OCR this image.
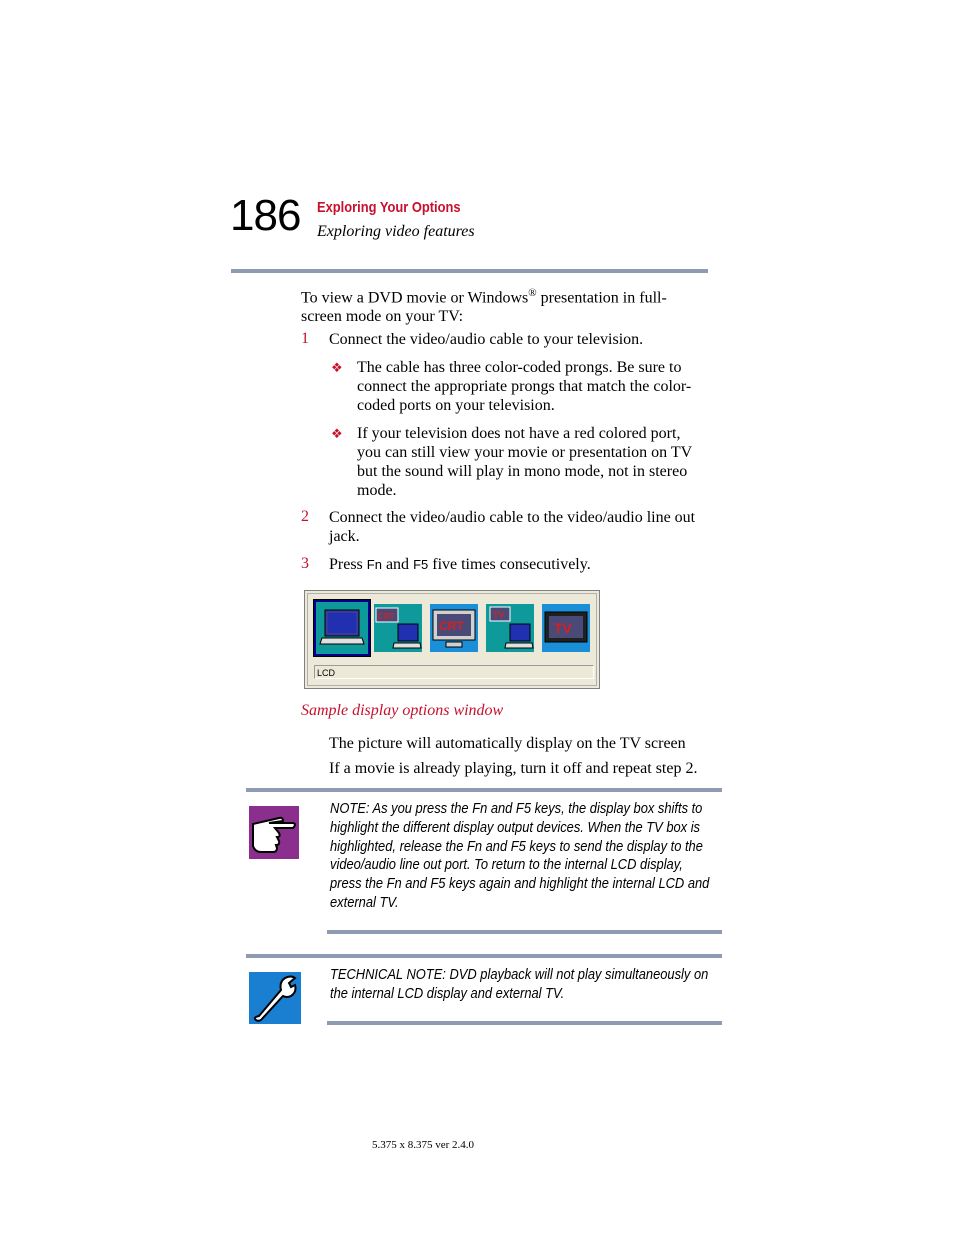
186 Exploring Your Options
Exploring video features
To view a DVD movie or Windows® presentation in full-
screen mode on your TV:
1 Connect the video/audio cable to your television.
❖ The cable has three color-coded prongs. Be sure to
connect the appropriate prongs that match the color-
coded ports on your television.
❖ If your television does not have a red colored port,
you can still view your movie or presentation on TV
but the sound will play in mono mode, not in stereo
mode.
2 Connect the video/audio cable to the video/audio line out
jack.
3 Press Fn and F5 five times consecutively.
CRT
CRT
TV
TV
LCD
Sample display options window
The picture will automatically display on the TV screen
If a movie is already playing, turn it off and repeat step 2.
NOTE: As you press the Fn and F5 keys, the display box shifts to
highlight the different display output devices. When the TV box is
highlighted, release the Fn and F5 keys to send the display to the
video/audio line out port. To return to the internal LCD display,
press the Fn and F5 keys again and highlight the internal LCD and
external TV.
TECHNICAL NOTE: DVD playback will not play simultaneously on
the internal LCD display and external TV.
5.375 x 8.375 ver 2.4.0
